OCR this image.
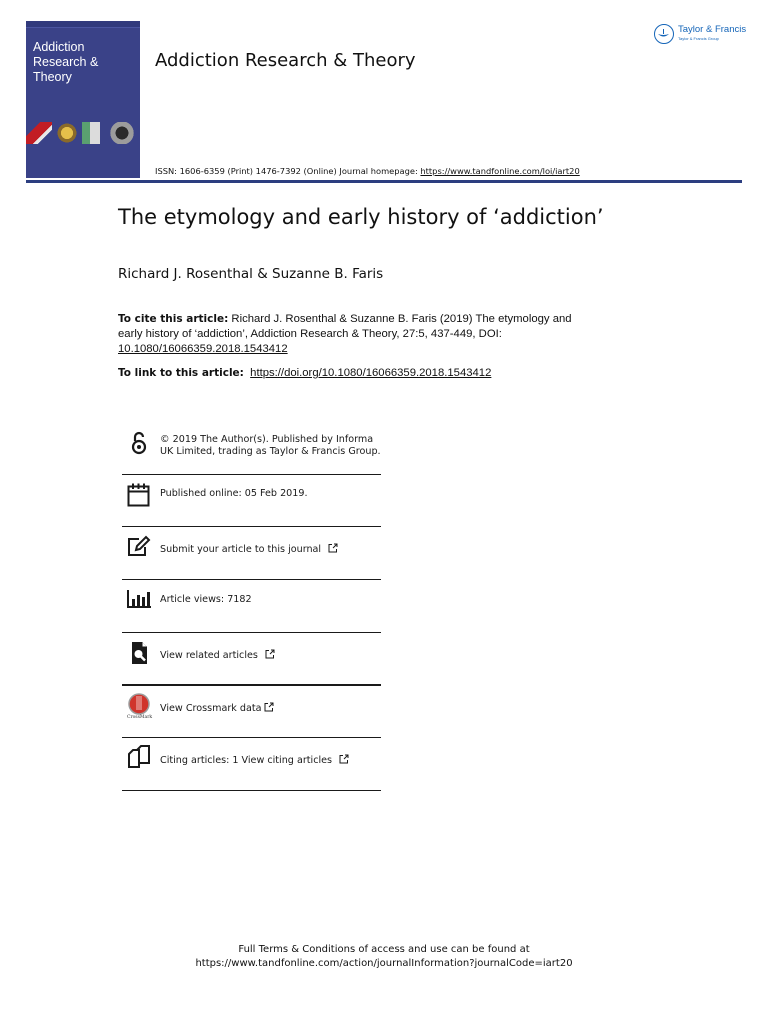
Addiction
Research & Theory
Addiction Research & Theory
Taylor & Francis
Taylor & Francis Group
ISSN: 1606-6359 (Print) 1476-7392 (Online) Journal homepage: https://www.tandfonline.com/loi/iart20
The etymology and early history of ‘addiction’
Richard J. Rosenthal & Suzanne B. Faris
To cite this article: Richard J. Rosenthal & Suzanne B. Faris (2019) The etymology and early history of ‘addiction’, Addiction Research & Theory, 27:5, 437-449, DOI: 10.1080/16066359.2018.1543412
To link to this article: https://doi.org/10.1080/16066359.2018.1543412
© 2019 The Author(s). Published by Informa UK Limited, trading as Taylor & Francis Group.
Published online: 05 Feb 2019.
Submit your article to this journal
Article views: 7182
View related articles
CrossMark
View Crossmark data
Citing articles: 1 View citing articles
Full Terms & Conditions of access and use can be found at
https://www.tandfonline.com/action/journalInformation?journalCode=iart20
